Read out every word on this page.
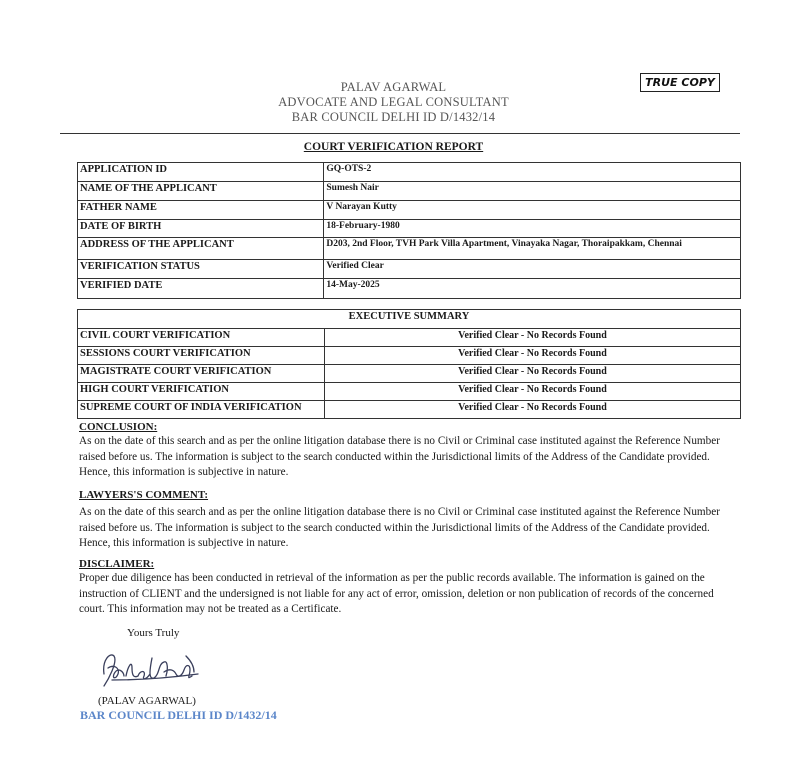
PALAV AGARWAL
ADVOCATE AND LEGAL CONSULTANT
BAR COUNCIL DELHI ID D/1432/14
TRUE COPY
COURT VERIFICATION REPORT
APPLICATION ID	GQ-OTS-2
NAME OF THE APPLICANT	Sumesh Nair
FATHER NAME	V Narayan Kutty
DATE OF BIRTH	18-February-1980
ADDRESS OF THE APPLICANT	D203, 2nd Floor, TVH Park Villa Apartment, Vinayaka Nagar, Thoraipakkam, Chennai
VERIFICATION STATUS	Verified Clear
VERIFIED DATE	14-May-2025
EXECUTIVE SUMMARY	
CIVIL COURT VERIFICATION	Verified Clear - No Records Found
SESSIONS COURT VERIFICATION	Verified Clear - No Records Found
MAGISTRATE COURT VERIFICATION	Verified Clear - No Records Found
HIGH COURT VERIFICATION	Verified Clear - No Records Found
SUPREME COURT OF INDIA VERIFICATION	Verified Clear - No Records Found
CONCLUSION:
As on the date of this search and as per the online litigation database there is no Civil or Criminal case instituted against the Reference Number raised before us. The information is subject to the search conducted within the Jurisdictional limits of the Address of the Candidate provided. Hence, this information is subjective in nature.
LAWYERS'S COMMENT:
As on the date of this search and as per the online litigation database there is no Civil or Criminal case instituted against the Reference Number raised before us. The information is subject to the search conducted within the Jurisdictional limits of the Address of the Candidate provided. Hence, this information is subjective in nature.
DISCLAIMER:
Proper due diligence has been conducted in retrieval of the information as per the public records available. The information is gained on the instruction of CLIENT and the undersigned is not liable for any act of error, omission, deletion or non publication of records of the concerned court. This information may not be treated as a Certificate.
Yours Truly
(PALAV AGARWAL)
BAR COUNCIL DELHI ID D/1432/14
